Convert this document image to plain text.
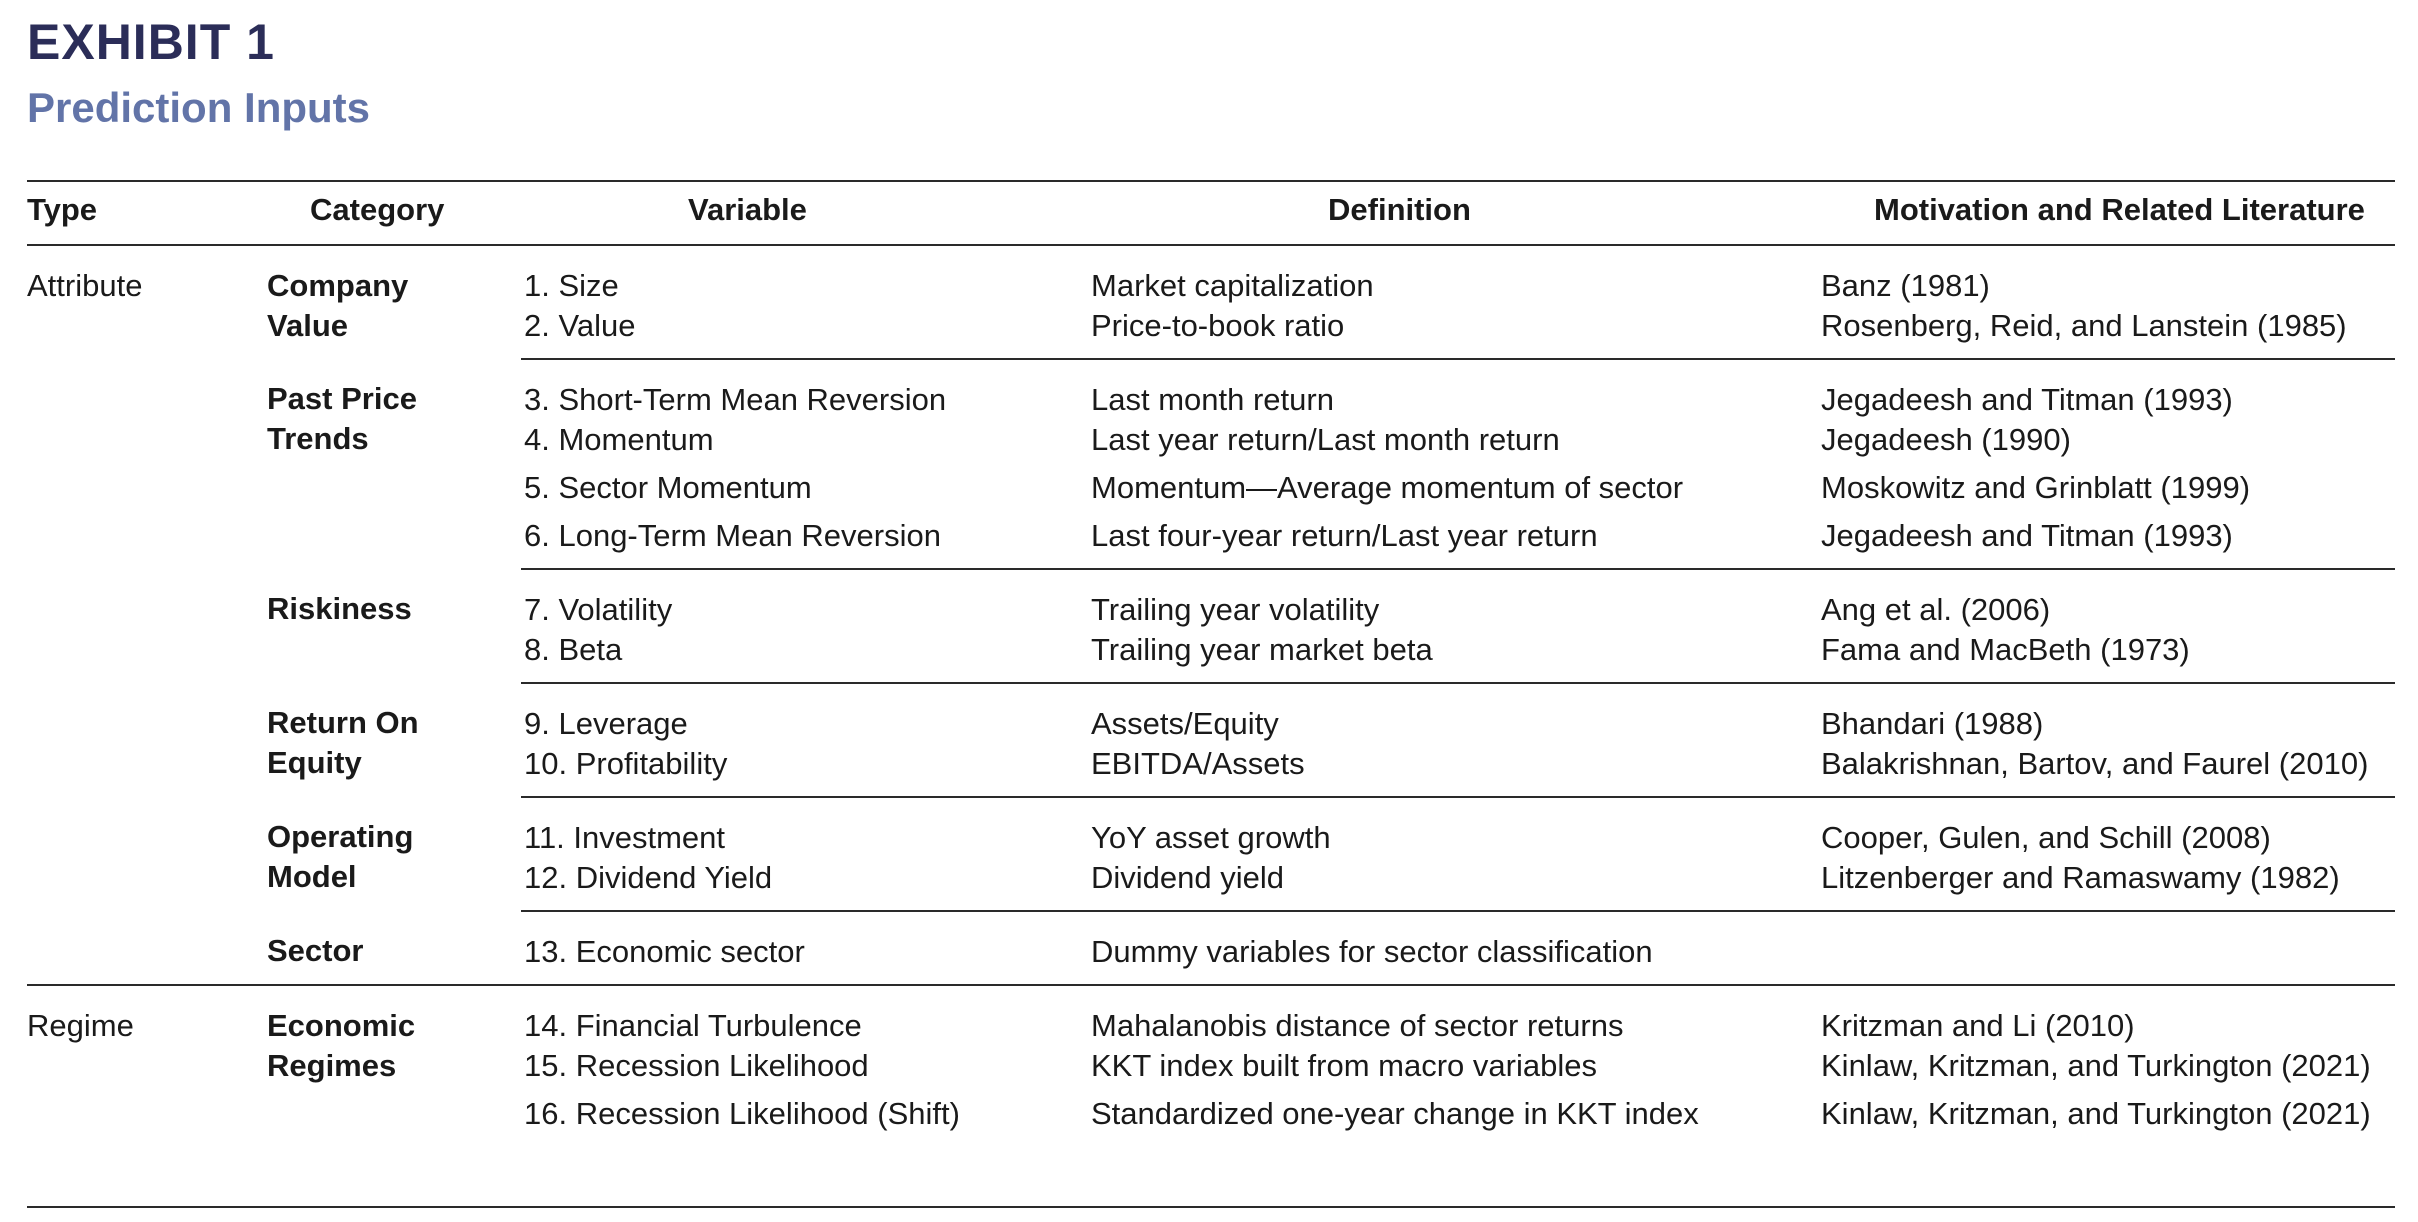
EXHIBIT 1
Prediction Inputs
Type	Category	Variable	Definition	Motivation and Related Literature
Attribute	Company Value	1. Size	Market capitalization	Banz (1981)
		2. Value	Price-to-book ratio	Rosenberg, Reid, and Lanstein (1985)
	Past Price Trends	3. Short-Term Mean Reversion	Last month return	Jegadeesh and Titman (1993)
		4. Momentum	Last year return/Last month return	Jegadeesh (1990)
		5. Sector Momentum	Momentum—Average momentum of sector	Moskowitz and Grinblatt (1999)
		6. Long-Term Mean Reversion	Last four-year return/Last year return	Jegadeesh and Titman (1993)
	Riskiness	7. Volatility	Trailing year volatility	Ang et al. (2006)
		8. Beta	Trailing year market beta	Fama and MacBeth (1973)
	Return On Equity	9. Leverage	Assets/Equity	Bhandari (1988)
		10. Profitability	EBITDA/Assets	Balakrishnan, Bartov, and Faurel (2010)
	Operating Model	11. Investment	YoY asset growth	Cooper, Gulen, and Schill (2008)
		12. Dividend Yield	Dividend yield	Litzenberger and Ramaswamy (1982)
	Sector	13. Economic sector	Dummy variables for sector classification	
Regime	Economic Regimes	14. Financial Turbulence	Mahalanobis distance of sector returns	Kritzman and Li (2010)
		15. Recession Likelihood	KKT index built from macro variables	Kinlaw, Kritzman, and Turkington (2021)
		16. Recession Likelihood (Shift)	Standardized one-year change in KKT index	Kinlaw, Kritzman, and Turkington (2021)
